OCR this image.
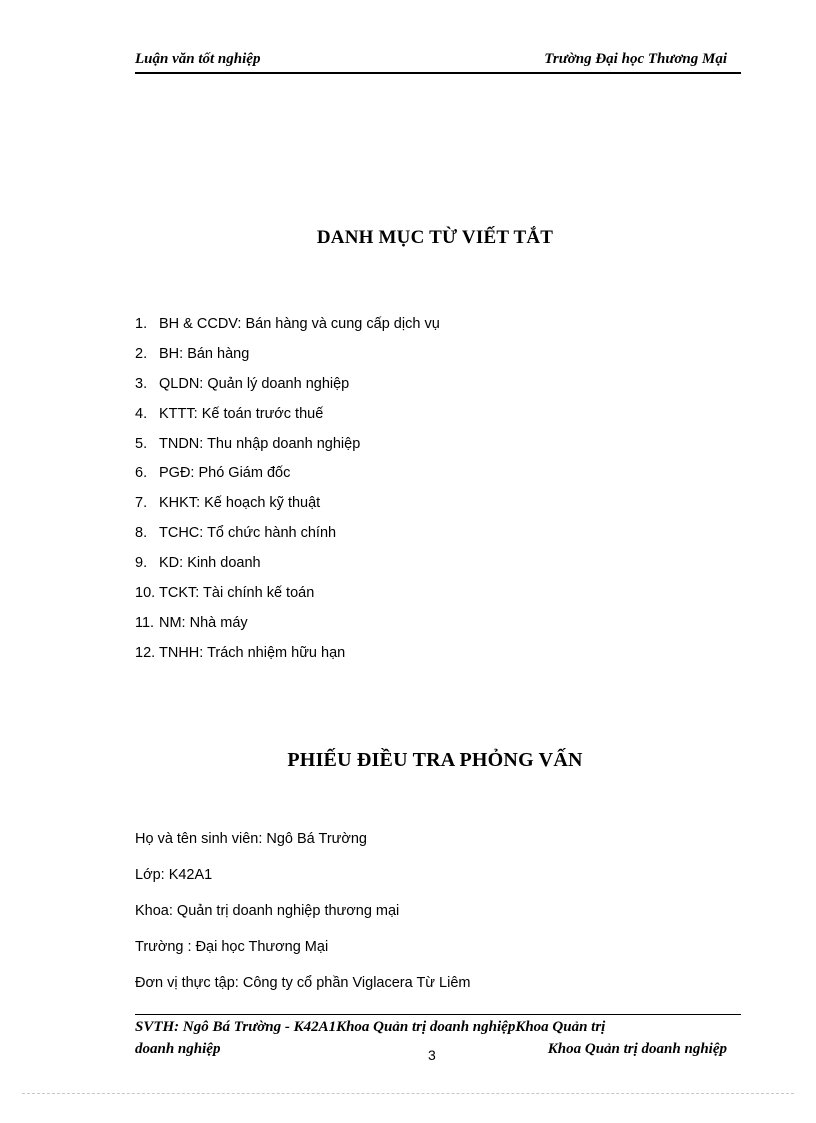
Luận văn tốt nghiệp	Trường Đại học Thương Mại
DANH MỤC TỪ VIẾT TẮT
1. BH & CCDV: Bán hàng và cung cấp dịch vụ
2. BH: Bán hàng
3. QLDN: Quản lý doanh nghiệp
4. KTTT: Kế toán trước thuế
5. TNDN: Thu nhập doanh nghiệp
6. PGĐ: Phó Giám đốc
7. KHKT: Kế hoạch kỹ thuật
8. TCHC: Tổ chức hành chính
9. KD: Kinh doanh
10. TCKT: Tài chính kế toán
11. NM: Nhà máy
12. TNHH: Trách nhiệm hữu hạn
PHIẾU ĐIỀU TRA PHỎNG VẤN
Họ và tên sinh viên: Ngô Bá Trường
Lớp: K42A1
Khoa: Quản trị doanh nghiệp thương mại
Trường : Đại học Thương Mại
Đơn vị thực tập: Công ty cổ phần Viglacera Từ Liêm
SVTH: Ngô Bá Trường - K42A1Khoa Quản trị doanh nghiệpKhoa Quản trị
doanh nghiệp	3	Khoa Quản trị doanh nghiệp
